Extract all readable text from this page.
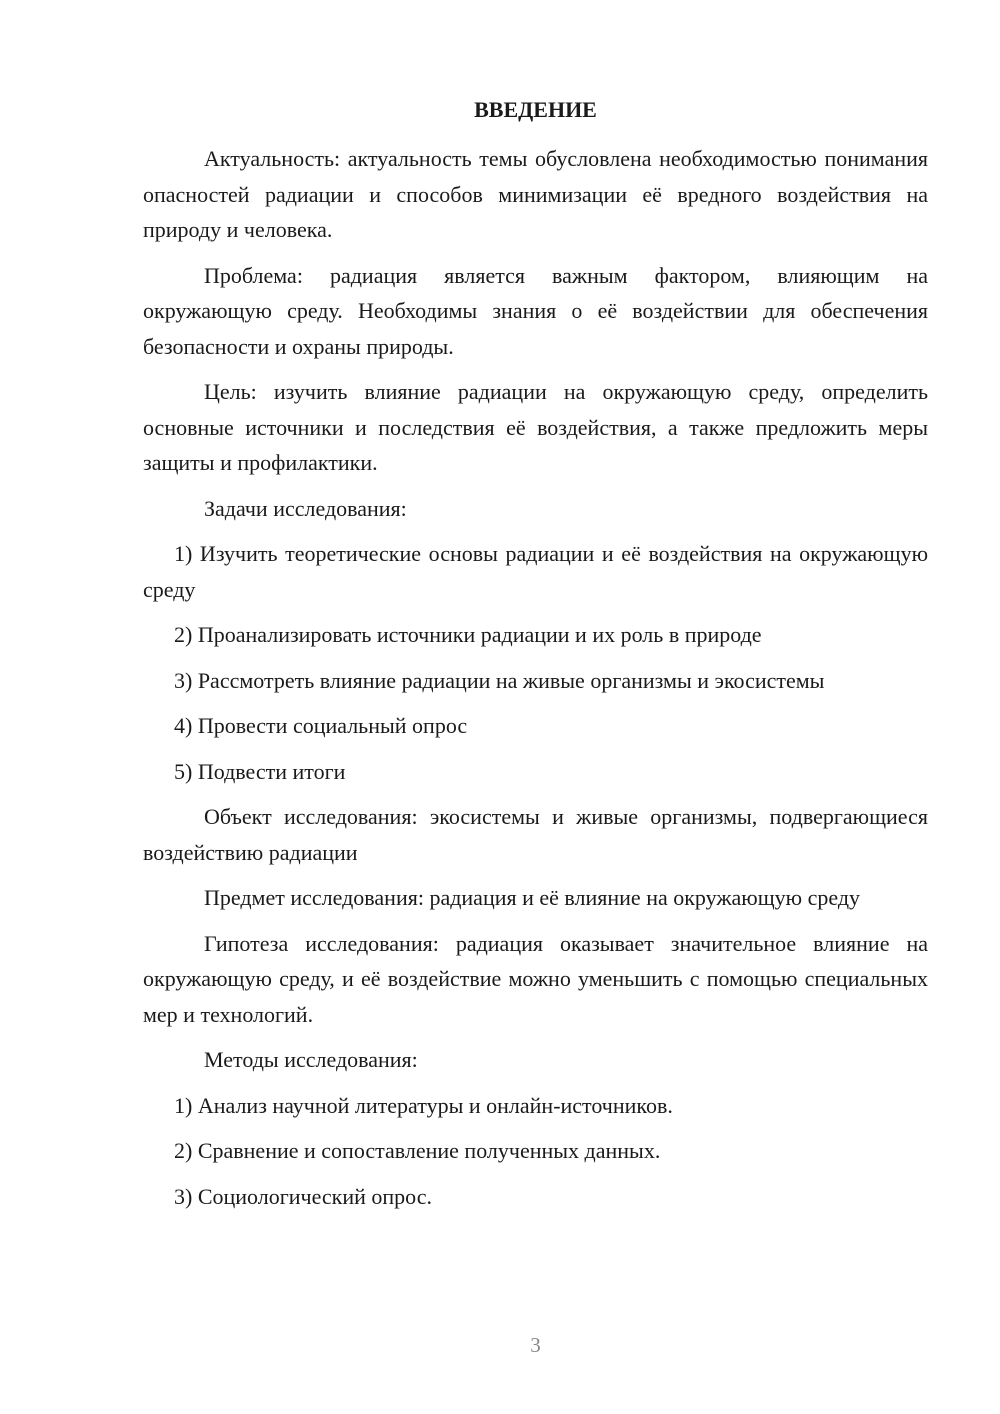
ВВЕДЕНИЕ

Актуальность: актуальность темы обусловлена необходимостью понимания опасностей радиации и способов минимизации её вредного воздействия на природу и человека.

Проблема: радиация является важным фактором, влияющим на окружающую среду. Необходимы знания о её воздействии для обеспечения безопасности и охраны природы.

Цель: изучить влияние радиации на окружающую среду, определить основные источники и последствия её воздействия, а также предложить меры защиты и профилактики.

Задачи исследования:

1) Изучить теоретические основы радиации и её воздействия на окружающую среду

2) Проанализировать источники радиации и их роль в природе

3) Рассмотреть влияние радиации на живые организмы и экосистемы

4) Провести социальный опрос

5) Подвести итоги

Объект исследования: экосистемы и живые организмы, подвергающиеся воздействию радиации

Предмет исследования: радиация и её влияние на окружающую среду

Гипотеза исследования: радиация оказывает значительное влияние на окружающую среду, и её воздействие можно уменьшить с помощью специальных мер и технологий.

Методы исследования:

1) Анализ научной литературы и онлайн-источников.

2) Сравнение и сопоставление полученных данных.

3) Социологический опрос.

3
